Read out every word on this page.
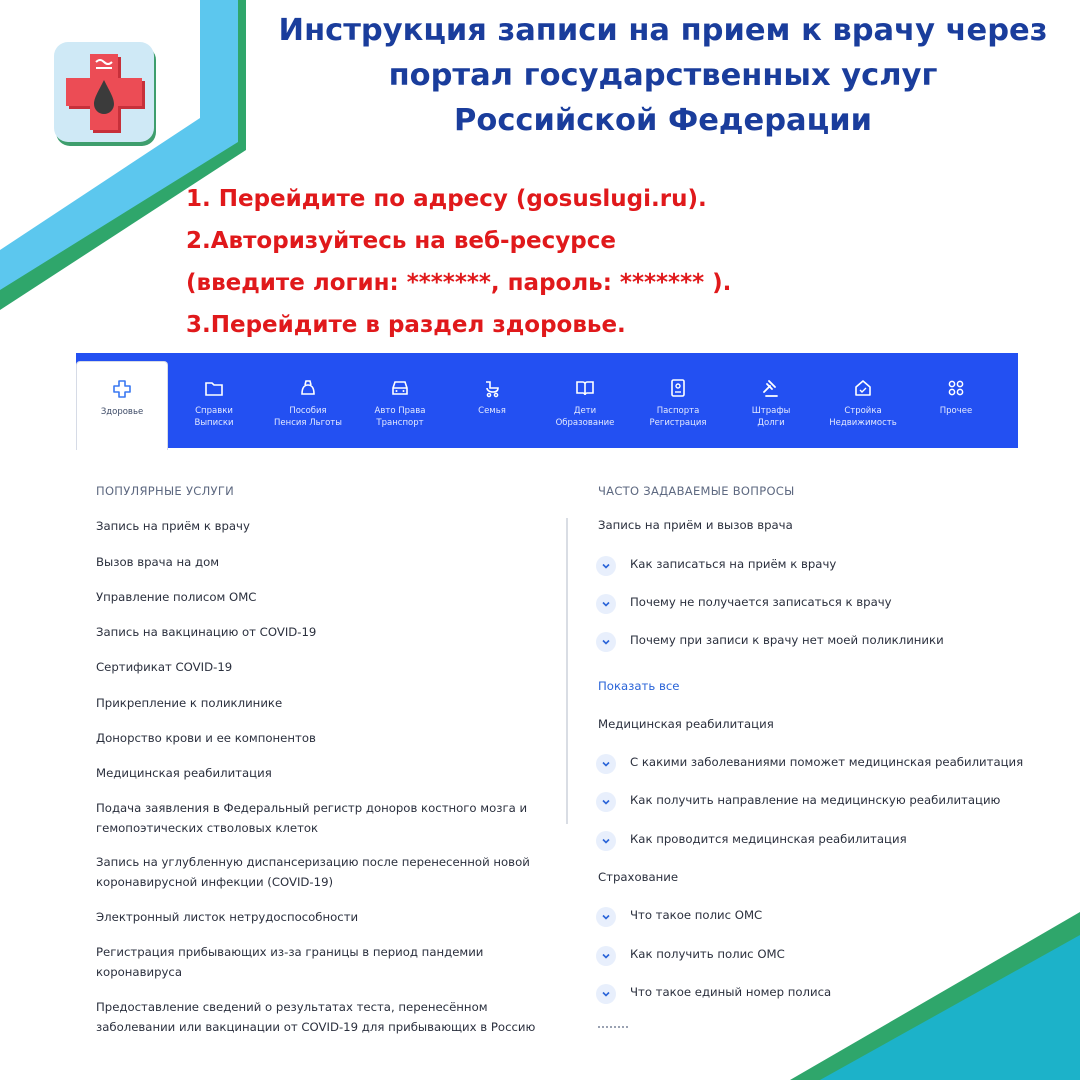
Инструкция записи на прием к врачу через
портал государственных услуг
Российской Федерации
1. Перейдите по адресу (gosuslugi.ru).
2.Авторизуйтесь на веб-ресурсе
(введите логин: *******, пароль: ******* ).
3.Перейдите в раздел здоровье.
Здоровье	Справки
Выписки
Пособия
Пенсия Льготы
Авто Права
Транспорт
Семья	Дети
Образование
Паспорта
Регистрация
Штрафы
Долги
Стройка
Недвижимость
Прочее
ПОПУЛЯРНЫЕ УСЛУГИ
Запись на приём к врачу
Вызов врача на дом
Управление полисом ОМС
Запись на вакцинацию от COVID-19
Сертификат COVID-19
Прикрепление к поликлинике
Донорство крови и ее компонентов
Медицинская реабилитация
Подача заявления в Федеральный регистр доноров костного мозга и гемопоэтических стволовых клеток
Запись на углубленную диспансеризацию после перенесенной новой коронавирусной инфекции (COVID-19)
Электронный листок нетрудоспособности
Регистрация прибывающих из-за границы в период пандемии коронавируса
Предоставление сведений о результатах теста, перенесённом заболевании или вакцинации от COVID-19 для прибывающих в Россию
ЧАСТО ЗАДАВАЕМЫЕ ВОПРОСЫ
Запись на приём и вызов врача
Как записаться на приём к врачу
Почему не получается записаться к врачу
Почему при записи к врачу нет моей поликлиники
Показать все
Медицинская реабилитация
С какими заболеваниями поможет медицинская реабилитация
Как получить направление на медицинскую реабилитацию
Как проводится медицинская реабилитация
Страхование
Что такое полис ОМС
Как получить полис ОМС
Что такое единый номер полиса
